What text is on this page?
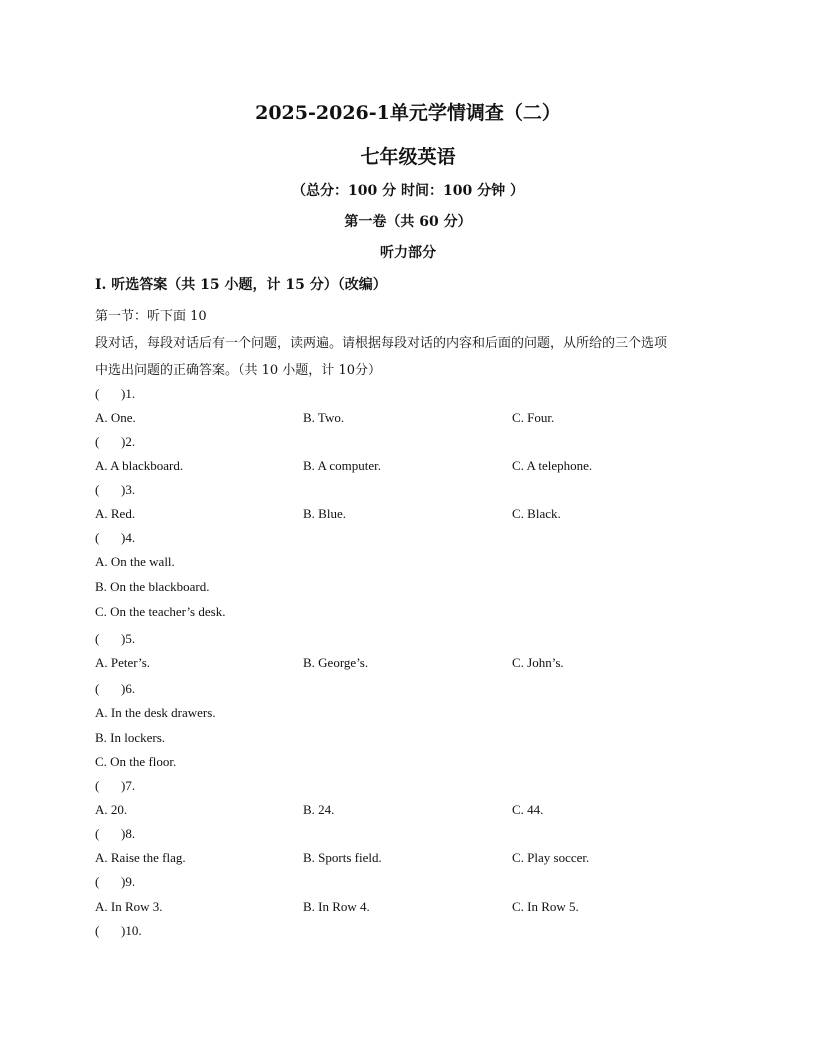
2025-2026-1单元学情调查（二）
七年级英语
（总分：100 分 时间：100 分钟 ）
第一卷（共 60 分）
听力部分
Ⅰ. 听选答案（共 15 小题，计 15 分）（改编）
第一节：听下面 10
段对话，每段对话后有一个问题，读两遍。请根据每段对话的内容和后面的问题，从所给的三个选项
中选出问题的正确答案。（共 10 小题，计 10分）
( )1.
A. One.	B. Two.	C. Four.
( )2.
A. A blackboard.	B. A computer.	C. A telephone.
( )3.
A. Red.	B. Blue.	C. Black.
( )4.
A. On the wall.
B. On the blackboard.
C. On the teacher’s desk.
( )5.
A. Peter’s.	B. George’s.	C. John’s.
( )6.
A. In the desk drawers.
B. In lockers.
C. On the floor.
( )7.
A. 20.	B. 24.	C. 44.
( )8.
A. Raise the flag.	B. Sports field.	C. Play soccer.
( )9.
A. In Row 3.	B. In Row 4.	C. In Row 5.
( )10.
